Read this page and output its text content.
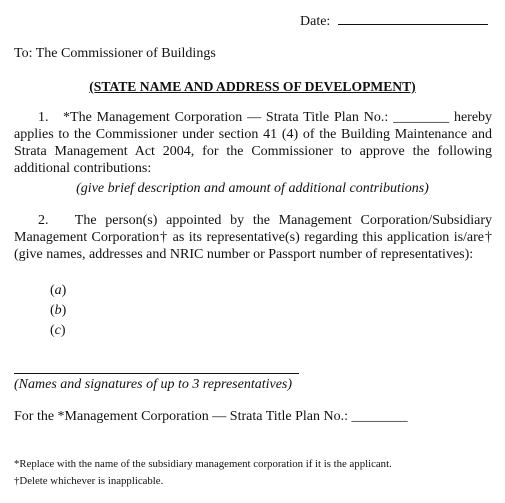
Date:
To: The Commissioner of Buildings
(STATE NAME AND ADDRESS OF DEVELOPMENT)

1. *The Management Corporation — Strata Title Plan No.: ________ hereby applies to the Commissioner under section 41 (4) of the Building Maintenance and Strata Management Act 2004, for the Commissioner to approve the following additional contributions:

(give brief description and amount of additional contributions)

2. The person(s) appointed by the Management Corporation/Subsidiary Management Corporation† as its representative(s) regarding this application is/are† (give names, addresses and NRIC number or Passport number of representatives):

(a)
(b)
(c)
(Names and signatures of up to 3 representatives)
For the *Management Corporation — Strata Title Plan No.: ________
*Replace with the name of the subsidiary management corporation if it is the applicant.
†Delete whichever is inapplicable.
